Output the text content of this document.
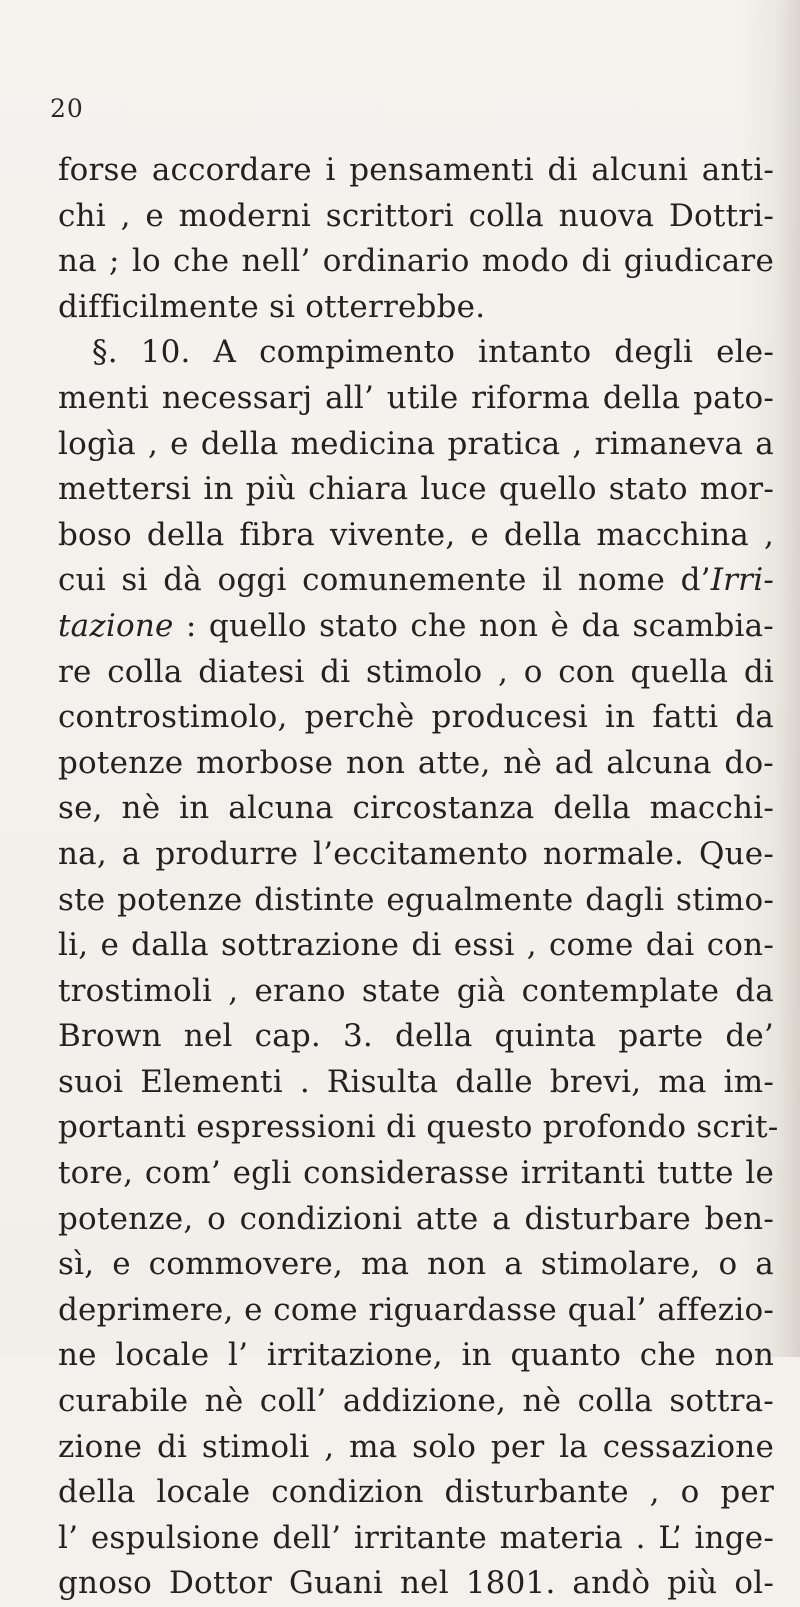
20
forse accordare i pensamenti di alcuni anti-
chi , e moderni scrittori colla nuova Dottri-
na ; lo che nell’ ordinario modo di giudicare
difficilmente si otterrebbe.
§. 10. A compimento intanto degli ele-
menti necessarj all’ utile riforma della pato-
logìa , e della medicina pratica , rimaneva a
mettersi in più chiara luce quello stato mor-
boso della fibra vivente, e della macchina ,
cui si dà oggi comunemente il nome d’Irri-
tazione : quello stato che non è da scambia-
re colla diatesi di stimolo , o con quella di
controstimolo, perchè producesi in fatti da
potenze morbose non atte, nè ad alcuna do-
se, nè in alcuna circostanza della macchi-
na, a produrre l’eccitamento normale. Que-
ste potenze distinte egualmente dagli stimo-
li, e dalla sottrazione di essi , come dai con-
trostimoli , erano state già contemplate da
Brown nel cap. 3. della quinta parte de’
suoi Elementi . Risulta dalle brevi, ma im-
portanti espressioni di questo profondo scrit-
tore, com’ egli considerasse irritanti tutte le
potenze, o condizioni atte a disturbare ben-
sì, e commovere, ma non a stimolare, o a
deprimere, e come riguardasse qual’ affezio-
ne locale l’ irritazione, in quanto che non
curabile nè coll’ addizione, nè colla sottra-
zione di stimoli , ma solo per la cessazione
della locale condizion disturbante , o per
l’ espulsione dell’ irritante materia . L’ inge-
gnoso Dottor Guani nel 1801. andò più ol-
